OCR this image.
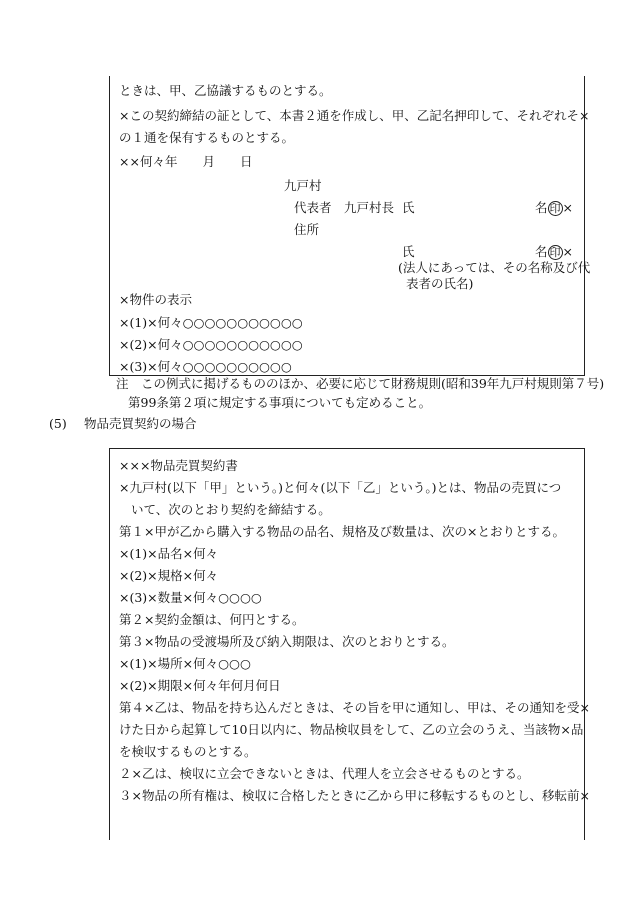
ときは、甲、乙協議するものとする。
×この契約締結の証として、本書２通を作成し、甲、乙記名押印して、それぞれそ×
の１通を保有するものとする。
××何々年　　月　　日
九戸村
代表者 九戸村長 氏	名 印 ×
住所
氏	名 印 ×
(法人にあっては、その名称及び代
表者の氏名)
×物件の表示
×(1)×何々○○○○○○○○○○○
×(2)×何々○○○○○○○○○○○
×(3)×何々○○○○○○○○○○
注　この例式に掲げるもののほか、必要に応じて財務規則(昭和39年九戸村規則第７号)
第99条第２項に規定する事項についても定めること。
(5) 物品売買契約の場合
×××物品売買契約書
×九戸村(以下「甲」という。)と何々(以下「乙」という。)とは、物品の売買につ
いて、次のとおり契約を締結する。
第１×甲が乙から購入する物品の品名、規格及び数量は、次の×とおりとする。
×(1)×品名×何々
×(2)×規格×何々
×(3)×数量×何々○○○○
第２×契約金額は、何円とする。
第３×物品の受渡場所及び納入期限は、次のとおりとする。
×(1)×場所×何々○○○
×(2)×期限×何々年何月何日
第４×乙は、物品を持ち込んだときは、その旨を甲に通知し、甲は、その通知を受×
けた日から起算して10日以内に、物品検収員をして、乙の立会のうえ、当該物×品
を検収するものとする。
２×乙は、検収に立会できないときは、代理人を立会させるものとする。
３×物品の所有権は、検収に合格したときに乙から甲に移転するものとし、移転前×
